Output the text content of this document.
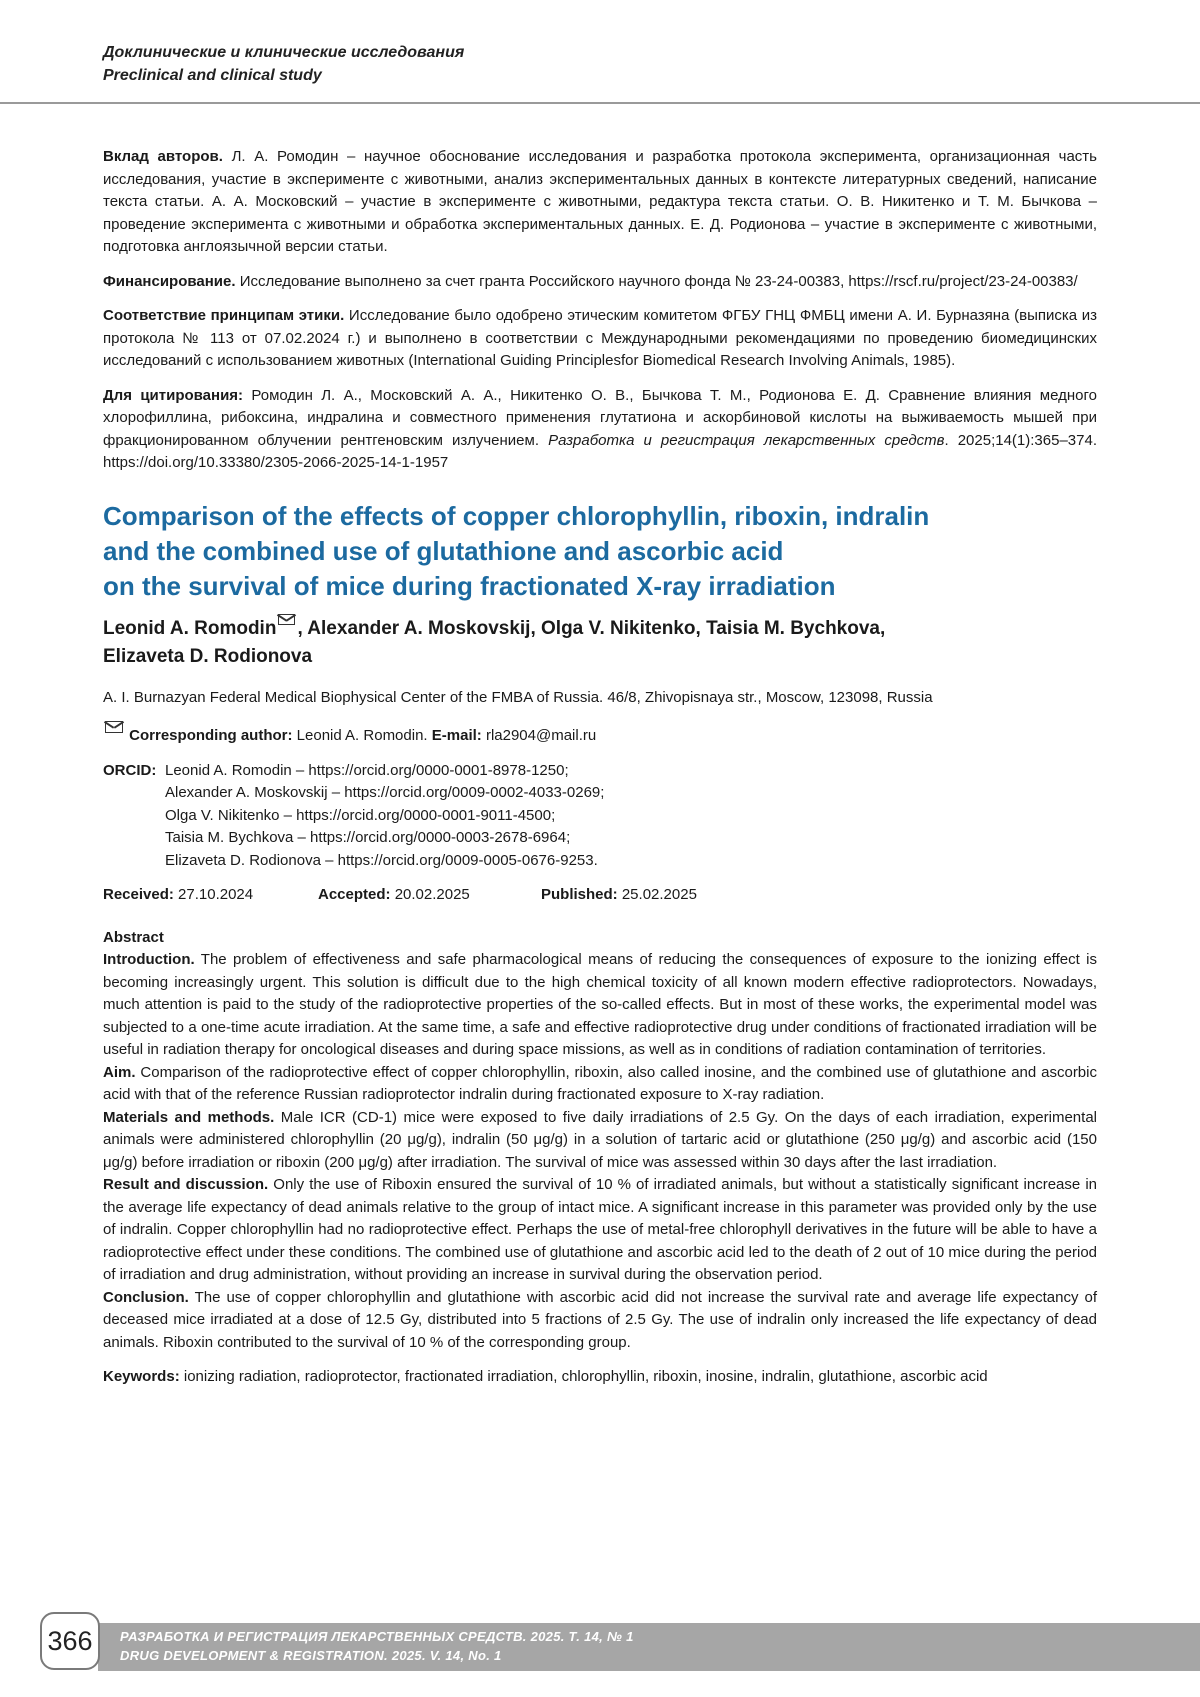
Доклинические и клинические исследования
Preclinical and clinical study

Вклад авторов. Л. А. Ромодин – научное обоснование исследования и разработка протокола эксперимента, организационная часть исследования, участие в эксперименте с животными, анализ экспериментальных данных в контексте литературных сведений, написание текста статьи. А. А. Московский – участие в эксперименте с животными, редактура текста статьи. О. В. Никитенко и Т. М. Бычкова – проведение эксперимента с животными и обработка экспериментальных данных. Е. Д. Родионова – участие в эксперименте с животными, подготовка англоязычной версии статьи.

Финансирование. Исследование выполнено за счет гранта Российского научного фонда № 23-24-00383, https://rscf.ru/project/23-24-00383/

Соответствие принципам этики. Исследование было одобрено этическим комитетом ФГБУ ГНЦ ФМБЦ имени А. И. Бурназяна (выписка из протокола № 113 от 07.02.2024 г.) и выполнено в соответствии с Международными рекомендациями по проведению биомедицинских исследований с использованием животных (International Guiding Principlesfor Biomedical Research Involving Animals, 1985).

Для цитирования: Ромодин Л. А., Московский А. А., Никитенко О. В., Бычкова Т. М., Родионова Е. Д. Сравнение влияния медного хлорофиллина, рибоксина, индралина и совместного применения глутатиона и аскорбиновой кислоты на выживаемость мышей при фракционированном облучении рентгеновским излучением. Разработка и регистрация лекарственных средств. 2025;14(1):365–374. https://doi.org/10.33380/2305-2066-2025-14-1-1957

Comparison of the effects of copper chlorophyllin, riboxin, indralin
and the combined use of glutathione and ascorbic acid
on the survival of mice during fractionated X-ray irradiation
Leonid A. Romodin , Alexander A. Moskovskij, Olga V. Nikitenko, Taisia M. Bychkova,
Elizaveta D. Rodionova

A. I. Burnazyan Federal Medical Biophysical Center of the FMBA of Russia. 46/8, Zhivopisnaya str., Moscow, 123098, Russia

Corresponding author: Leonid A. Romodin. E-mail: rla2904@mail.ru

ORCID: Leonid A. Romodin – https://orcid.org/0000-0001-8978-1250;
Alexander A. Moskovskij – https://orcid.org/0009-0002-4033-0269;
Olga V. Nikitenko – https://orcid.org/0000-0001-9011-4500;
Taisia M. Bychkova – https://orcid.org/0000-0003-2678-6964;
Elizaveta D. Rodionova – https://orcid.org/0009-0005-0676-9253.
Received: 27.10.2024	Accepted: 20.02.2025	Published: 25.02.2025
Abstract

Introduction. The problem of effectiveness and safe pharmacological means of reducing the consequences of exposure to the ionizing effect is becoming increasingly urgent. This solution is difficult due to the high chemical toxicity of all known modern effective radioprotectors. Nowadays, much attention is paid to the study of the radioprotective properties of the so-called effects. But in most of these works, the experimental model was subjected to a one-time acute irradiation. At the same time, a safe and effective radioprotective drug under conditions of fractionated irradiation will be useful in radiation therapy for oncological diseases and during space missions, as well as in conditions of radiation contamination of territories.

Aim. Comparison of the radioprotective effect of copper chlorophyllin, riboxin, also called inosine, and the combined use of glutathione and ascorbic acid with that of the reference Russian radioprotector indralin during fractionated exposure to X-ray radiation.

Materials and methods. Male ICR (CD-1) mice were exposed to five daily irradiations of 2.5 Gy. On the days of each irradiation, experimental animals were administered chlorophyllin (20 μg/g), indralin (50 μg/g) in a solution of tartaric acid or glutathione (250 μg/g) and ascorbic acid (150 μg/g) before irradiation or riboxin (200 μg/g) after irradiation. The survival of mice was assessed within 30 days after the last irradiation.

Result and discussion. Only the use of Riboxin ensured the survival of 10 % of irradiated animals, but without a statistically significant increase in the average life expectancy of dead animals relative to the group of intact mice. A significant increase in this parameter was provided only by the use of indralin. Copper chlorophyllin had no radioprotective effect. Perhaps the use of metal-free chlorophyll derivatives in the future will be able to have a radioprotective effect under these conditions. The combined use of glutathione and ascorbic acid led to the death of 2 out of 10 mice during the period of irradiation and drug administration, without providing an increase in survival during the observation period.

Conclusion. The use of copper chlorophyllin and glutathione with ascorbic acid did not increase the survival rate and average life expectancy of deceased mice irradiated at a dose of 12.5 Gy, distributed into 5 fractions of 2.5 Gy. The use of indralin only increased the life expectancy of dead animals. Riboxin contributed to the survival of 10 % of the corresponding group.

Keywords: ionizing radiation, radioprotector, fractionated irradiation, chlorophyllin, riboxin, inosine, indralin, glutathione, ascorbic acid

РАЗРАБОТКА И РЕГИСТРАЦИЯ ЛЕКАРСТВЕННЫХ СРЕДСТВ. 2025. Т. 14, № 1
DRUG DEVELOPMENT & REGISTRATION. 2025. V. 14, No. 1
366
